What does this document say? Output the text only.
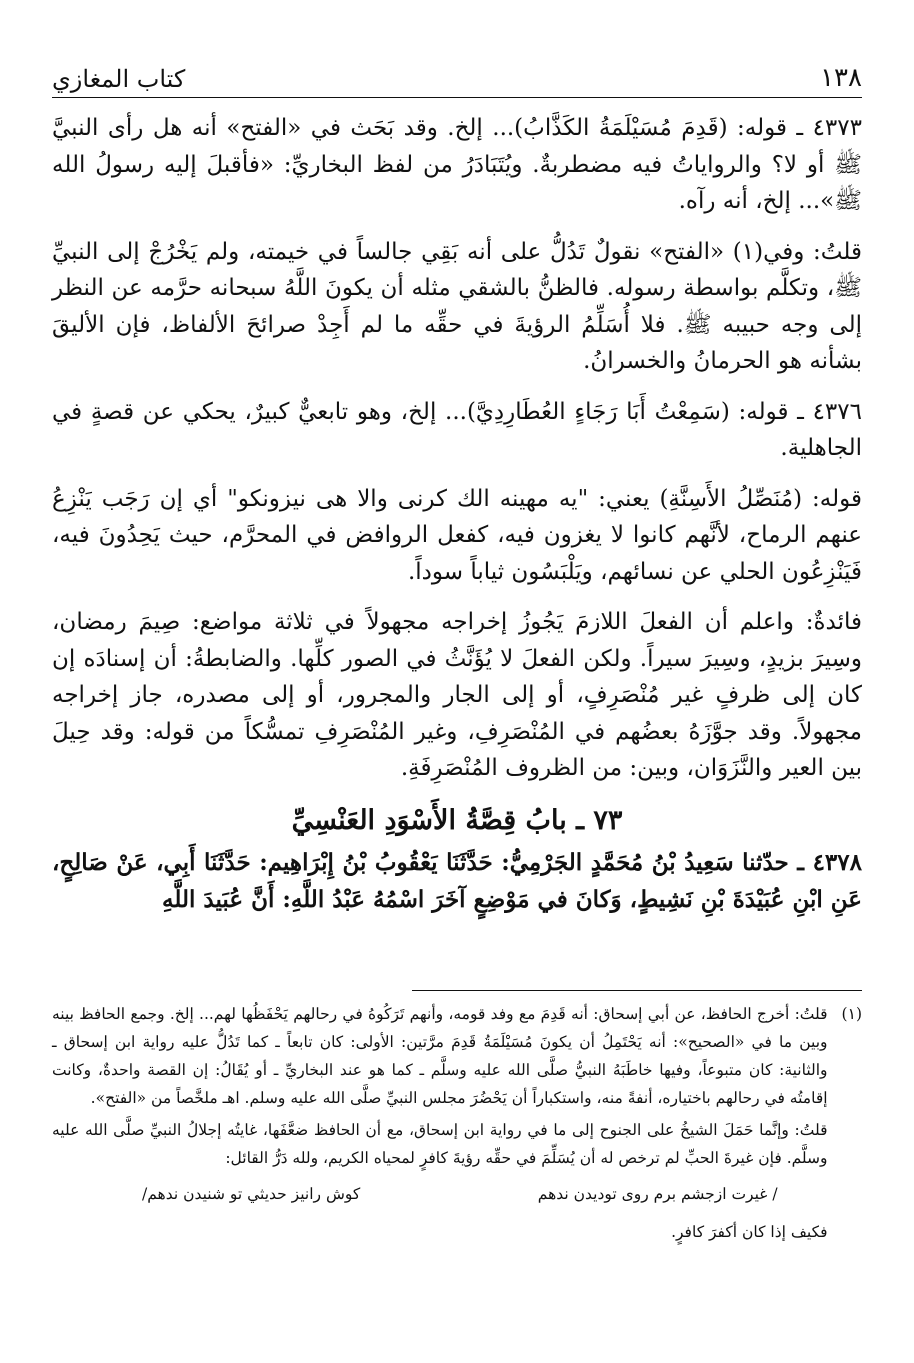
١٣٨
كتاب المغازي

٤٣٧٣ ـ قوله: (قَدِمَ مُسَيْلَمَةُ الكَذَّابُ)... إلخ. وقد بَحَث في «الفتح» أنه هل رأى النبيَّ ﷺ أو لا؟ والرواياتُ فيه مضطربةٌ. ويُتَبَادَرُ من لفظ البخاريِّ: «فأقبلَ إليه رسولُ الله ﷺ»... إلخ، أنه رآه.

قلتُ: وفي(١) «الفتح» نقولٌ تَدُلُّ على أنه بَقِي جالساً في خيمته، ولم يَخْرُجْ إلى النبيِّ ﷺ، وتكلَّم بواسطة رسوله. فالظنُّ بالشقي مثله أن يكونَ اللَّهُ سبحانه حرَّمه عن النظر إلى وجه حبيبه ﷺ. فلا أُسَلِّمُ الرؤيةَ في حقِّه ما لم أَجِدْ صرائحَ الألفاظ، فإن الأليقَ بشأنه هو الحرمانُ والخسرانُ.

٤٣٧٦ ـ قوله: (سَمِعْتُ أَبَا رَجَاءٍ العُطَارِدِيَّ)... إلخ، وهو تابعيٌّ كبيرٌ، يحكي عن قصةٍ في الجاهلية.

قوله: (مُنَصِّلُ الأَسِنَّةِ) يعني: "يه مهينه الك كرنى والا هى نيزونكو" أي إن رَجَب يَنْزِعُ عنهم الرماح، لأنَّهم كانوا لا يغزون فيه، كفعل الروافض في المحرَّم، حيث يَحِدُونَ فيه، فَيَنْزِعُون الحلي عن نسائهم، ويَلْبَسُون ثياباً سوداً.

فائدةٌ: واعلم أن الفعلَ اللازمَ يَجُوزُ إخراجه مجهولاً في ثلاثة مواضع: صِيمَ رمضان، وسِيرَ بزيدٍ، وسِيرَ سيراً. ولكن الفعلَ لا يُؤَنَّثُ في الصور كلِّها. والضابطةُ: أن إسنادَه إن كان إلى ظرفٍ غير مُنْصَرِفٍ، أو إلى الجار والمجرور، أو إلى مصدره، جاز إخراجه مجهولاً. وقد جوَّزَهُ بعضُهم في المُنْصَرِفِ، وغير المُنْصَرِفِ تمسُّكاً من قوله: وقد حِيلَ بين العير والنَّزَوَان، وبين: من الظروف المُنْصَرِفَةِ.

٧٣ ـ بابُ قِصَّةُ الأَسْوَدِ العَنْسِيِّ

٤٣٧٨ ـ حدّثنا سَعِيدُ بْنُ مُحَمَّدٍ الجَرْمِيُّ: حَدَّثَنَا يَعْقُوبُ بْنُ إِبْرَاهِيم: حَدَّثَنَا أَبِي، عَنْ صَالِحٍ، عَنِ ابْنِ عُبَيْدَةَ بْنِ نَشِيطٍ، وَكانَ في مَوْضِعٍ آخَرَ اسْمُهُ عَبْدُ اللَّهِ: أَنَّ عُبَيدَ اللَّهِ

(١)

قلتُ: أخرج الحافظ، عن أبي إسحاق: أنه قَدِمَ مع وفد قومه، وأنهم تَرَكُوهُ في رحالهم يَحْفَظُها لهم... إلخ. وجمع الحافظ بينه وبين ما في «الصحيح»: أنه يَحْتَمِلُ أن يكونَ مُسَيْلَمَةُ قَدِمَ مرَّتين: الأولى: كان تابعاً ـ كما تَدُلُّ عليه رواية ابن إسحاق ـ والثانية: كان متبوعاً، وفيها خاطَبَهُ النبيُّ صلَّى الله عليه وسلَّم ـ كما هو عند البخاريِّ ـ أو يُقَالُ: إن القصة واحدةٌ، وكانت إقامتُه في رحالهم باختياره، أنفةً منه، واستكباراً أن يَحْضُرَ مجلس النبيِّ صلَّى الله عليه وسلم. اهـ ملخَّصاً من «الفتح».

قلتُ: وإنَّما حَمَلَ الشيخُ على الجنوح إلى ما في رواية ابن إسحاق، مع أن الحافظ ضعَّفَها، غايتُه إجلالُ النبيِّ صلَّى الله عليه وسلَّم. فإن غيرةَ الحبِّ لم ترخص له أن يُسَلِّمَ في حقِّه رؤيةَ كافرٍ لمحياه الكريم، ولله دَرُّ القائل:

/ غيرت ازجشم برم روى توديدن ندهم
كوش رانيز حديثي تو شنيدن ندهم/

فكيف إذا كان أكفرَ كافرٍ.
